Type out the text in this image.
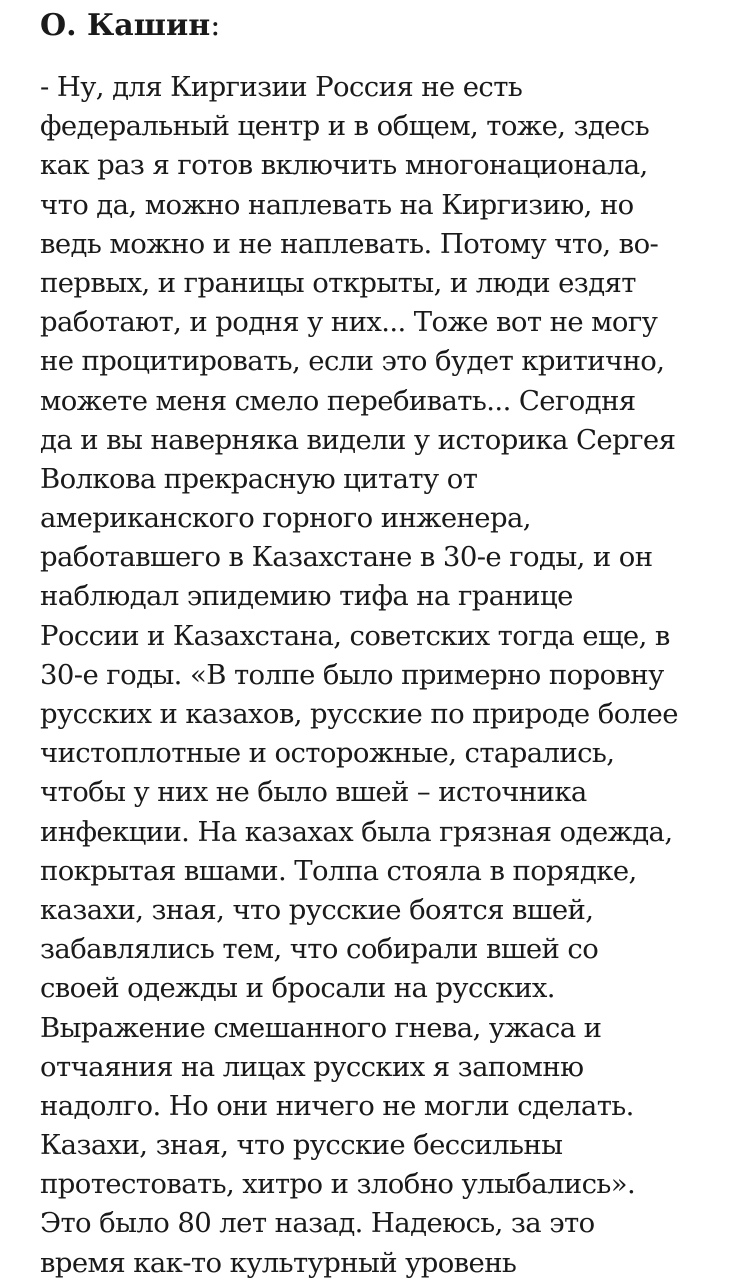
О. Кашин:
- Ну, для Киргизии Россия не есть
федеральный центр и в общем, тоже, здесь
как раз я готов включить многонационала,
что да, можно наплевать на Киргизию, но
ведь можно и не наплевать. Потому что, во-
первых, и границы открыты, и люди ездят
работают, и родня у них... Тоже вот не могу
не процитировать, если это будет критично,
можете меня смело перебивать... Сегодня
да и вы наверняка видели у историка Сергея
Волкова прекрасную цитату от
американского горного инженера,
работавшего в Казахстане в 30-е годы, и он
наблюдал эпидемию тифа на границе
России и Казахстана, советских тогда еще, в
30-е годы. «В толпе было примерно поровну
русских и казахов, русские по природе более
чистоплотные и осторожные, старались,
чтобы у них не было вшей – источника
инфекции. На казахах была грязная одежда,
покрытая вшами. Толпа стояла в порядке,
казахи, зная, что русские боятся вшей,
забавлялись тем, что собирали вшей со
своей одежды и бросали на русских.
Выражение смешанного гнева, ужаса и
отчаяния на лицах русских я запомню
надолго. Но они ничего не могли сделать.
Казахи, зная, что русские бессильны
протестовать, хитро и злобно улыбались».
Это было 80 лет назад. Надеюсь, за это
время как-то культурный уровень
